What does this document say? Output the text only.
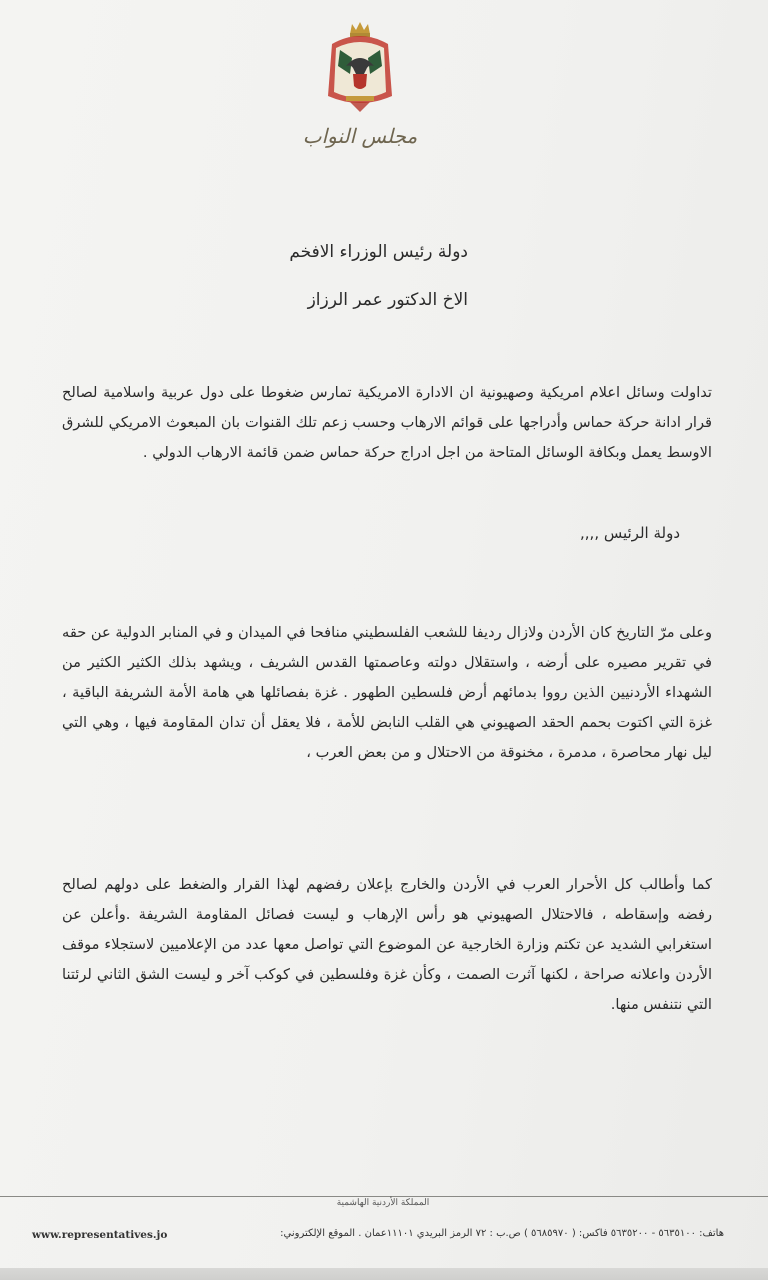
مجلس النواب
دولة رئيس الوزراء الافخم
الاخ الدكتور عمر الرزاز
تداولت وسائل اعلام امريكية وصهيونية ان الادارة الامريكية تمارس ضغوطا على دول عربية واسلامية لصالح قرار ادانة حركة حماس وأدراجها على قوائم الارهاب وحسب زعم تلك القنوات بان المبعوث الامريكي للشرق الاوسط يعمل وبكافة الوسائل المتاحة من اجل ادراج حركة حماس ضمن قائمة الارهاب الدولي .
دولة الرئيس ,,,,
وعلى مرّ التاريخ كان الأردن ولازال رديفا للشعب الفلسطيني منافحا في الميدان و في المنابر الدولية عن حقه في تقرير مصيره على أرضه ، واستقلال دولته وعاصمتها القدس الشريف ، ويشهد بذلك الكثير الكثير من الشهداء الأردنيين الذين رووا بدمائهم أرض فلسطين الطهور . غزة بفصائلها هي هامة الأمة الشريفة الباقية ، غزة التي اكتوت بحمم الحقد الصهيوني هي القلب النابض للأمة ، فلا يعقل أن تدان المقاومة فيها ، وهي التي ليل نهار محاصرة ، مدمرة ، مخنوقة من الاحتلال و من بعض العرب ،
كما وأطالب كل الأحرار العرب في الأردن والخارج بإعلان رفضهم لهذا القرار والضغط على دولهم لصالح رفضه وإسقاطه ، فالاحتلال الصهيوني هو رأس الإرهاب و ليست فصائل المقاومة الشريفة .وأعلن عن استغرابي الشديد عن تكتم وزارة الخارجية عن الموضوع التي تواصل معها عدد من الإعلاميين لاستجلاء موقف الأردن واعلانه صراحة ، لكنها آثرت الصمت ، وكأن غزة وفلسطين في كوكب آخر و ليست الشق الثاني لرئتنا التي نتنفس منها.
المملكة الأردنية الهاشمية
هاتف: ٥٦٣٥١٠٠ - ٥٦٣٥٢٠٠ فاكس: ( ٥٦٨٥٩٧٠ ) ص.ب : ٧٢ الرمز البريدي ١١١٠١عمان . الموقع الإلكتروني:
www.representatives.jo
